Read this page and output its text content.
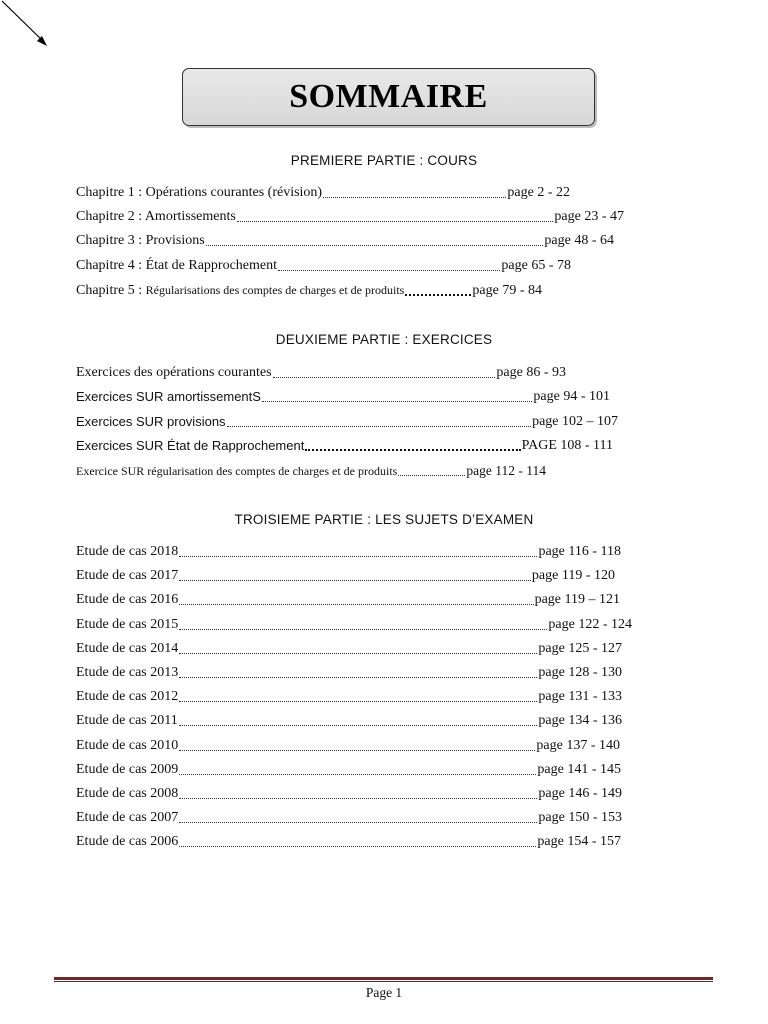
SOMMAIRE
PREMIERE PARTIE : COURS
Chapitre 1 : Opérations courantes (révision)	page 2 - 22
Chapitre 2 : Amortissements	page 23 - 47
Chapitre 3 : Provisions	page 48 - 64
Chapitre 4 : État de Rapprochement	page 65 - 78
Chapitre 5 : Régularisations des comptes de charges et de produits	page 79 - 84
DEUXIEME PARTIE : EXERCICES
Exercices des opérations courantes	page 86 - 93
Exercices SUR amortissementS	page 94 - 101
Exercices SUR provisions	page 102 – 107
Exercices SUR État de Rapprochement	PAGE 108 - 111
Exercice SUR régularisation des comptes de charges et de produits	page 112 - 114
TROISIEME PARTIE : LES SUJETS D’EXAMEN
Etude de cas 2018	page 116 - 118
Etude de cas 2017	page 119 - 120
Etude de cas 2016	page 119 – 121
Etude de cas 2015	page 122 - 124
Etude de cas 2014	page 125 - 127
Etude de cas 2013	page 128 - 130
Etude de cas 2012	page 131 - 133
Etude de cas 2011	page 134 - 136
Etude de cas 2010	page 137 - 140
Etude de cas 2009	page 141 - 145
Etude de cas 2008	page 146 - 149
Etude de cas 2007	page 150 - 153
Etude de cas 2006	page 154 - 157
Page 1
